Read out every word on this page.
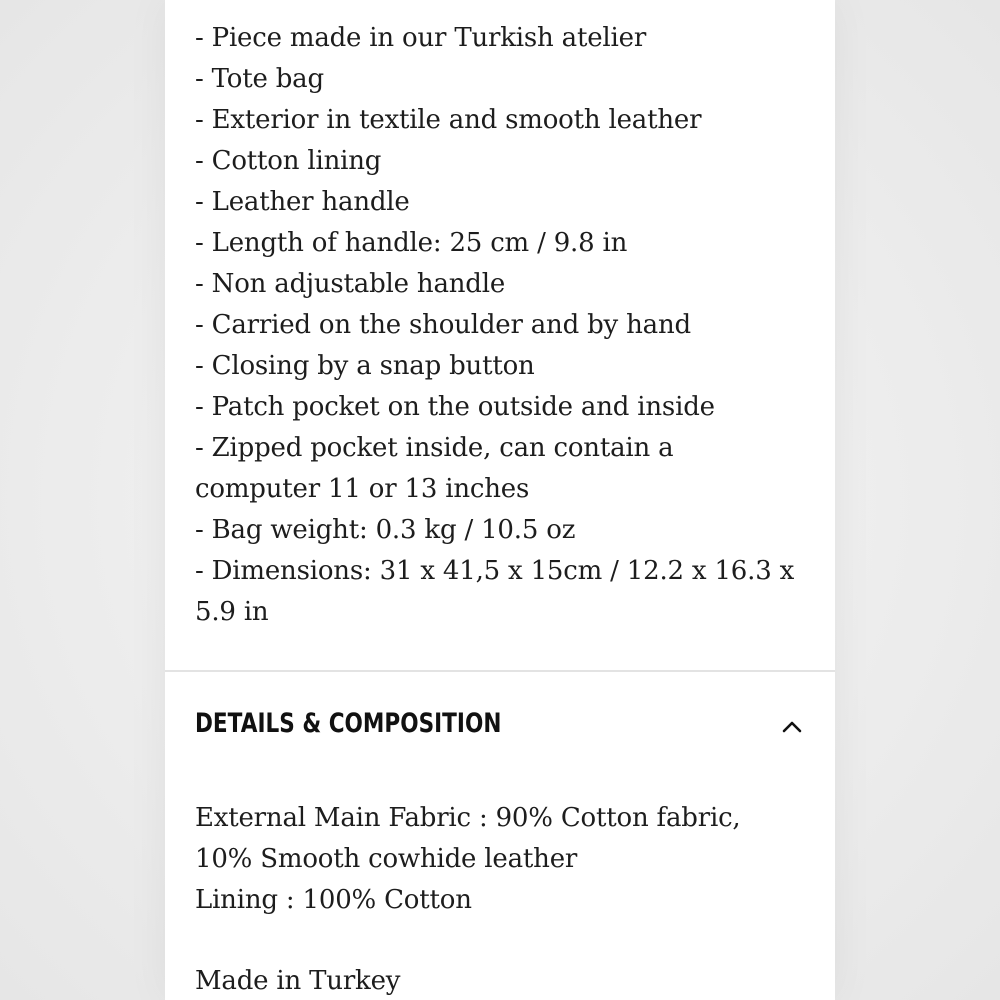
- Piece made in our Turkish atelier
- Tote bag
- Exterior in textile and smooth leather
- Cotton lining
- Leather handle
- Length of handle: 25 cm / 9.8 in
- Non adjustable handle
- Carried on the shoulder and by hand
- Closing by a snap button
- Patch pocket on the outside and inside
- Zipped pocket inside, can contain a computer 11 or 13 inches
- Bag weight: 0.3 kg / 10.5 oz
- Dimensions: 31 x 41,5 x 15cm / 12.2 x 16.3 x 5.9 in
DETAILS & COMPOSITION

External Main Fabric : 90% Cotton fabric, 10% Smooth cowhide leather

Lining : 100% Cotton

Made in Turkey
